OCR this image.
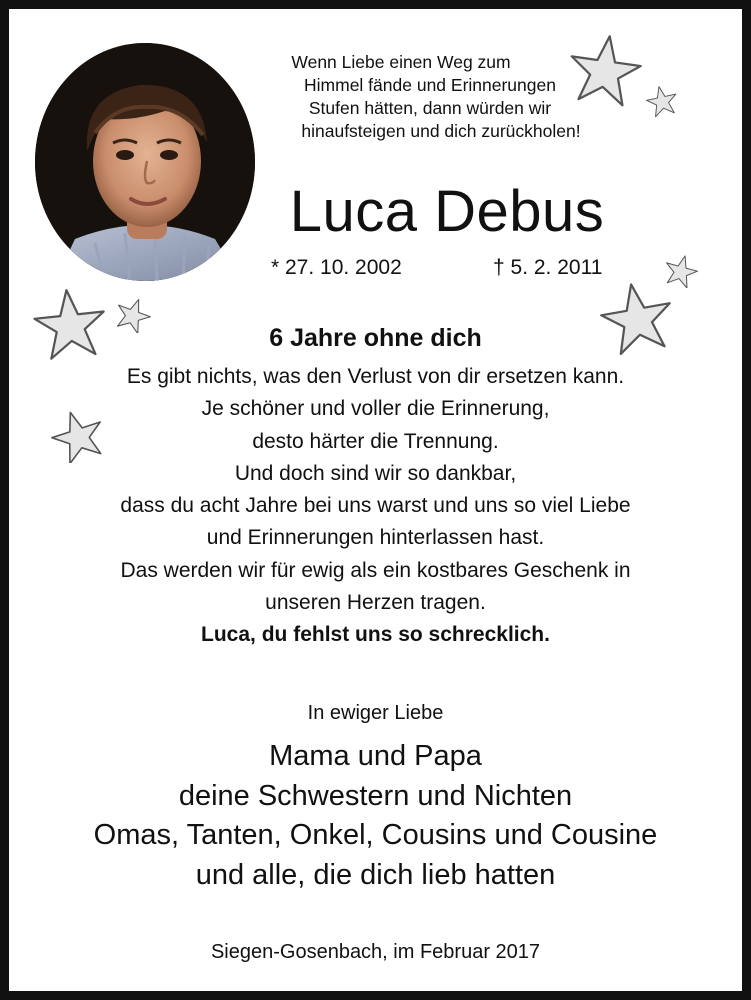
Wenn Liebe einen Weg zum
Himmel fände und Erinnerungen
Stufen hätten, dann würden wir
hinaufsteigen und dich zurückholen!
Luca Debus
* 27. 10. 2002	† 5. 2. 2011
6 Jahre ohne dich
Es gibt nichts, was den Verlust von dir ersetzen kann.
Je schöner und voller die Erinnerung,
desto härter die Trennung.
Und doch sind wir so dankbar,
dass du acht Jahre bei uns warst und uns so viel Liebe
und Erinnerungen hinterlassen hast.
Das werden wir für ewig als ein kostbares Geschenk in
unseren Herzen tragen.
Luca, du fehlst uns so schrecklich.
In ewiger Liebe
Mama und Papa
deine Schwestern und Nichten
Omas, Tanten, Onkel, Cousins und Cousine
und alle, die dich lieb hatten
Siegen-Gosenbach, im Februar 2017
